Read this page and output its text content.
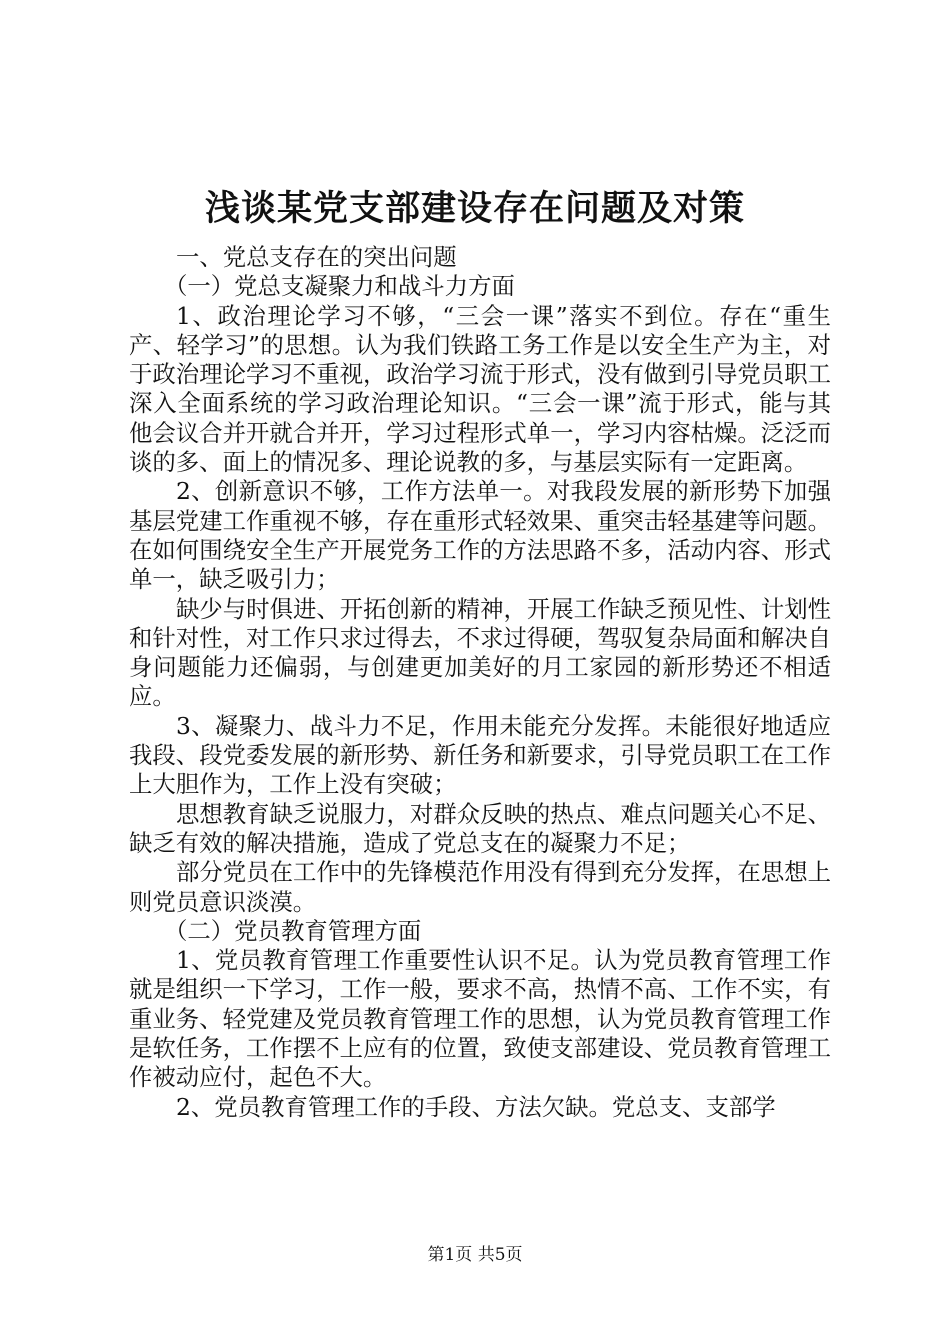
浅谈某党支部建设存在问题及对策

一、党总支存在的突出问题

（一）党总支凝聚力和战斗力方面

1、政治理论学习不够，“三会一课”落实不到位。存在“重生产、轻学习”的思想。认为我们铁路工务工作是以安全生产为主，对于政治理论学习不重视，政治学习流于形式，没有做到引导党员职工深入全面系统的学习政治理论知识。“三会一课”流于形式，能与其他会议合并开就合并开，学习过程形式单一，学习内容枯燥。泛泛而谈的多、面上的情况多、理论说教的多，与基层实际有一定距离。

2、创新意识不够，工作方法单一。对我段发展的新形势下加强基层党建工作重视不够，存在重形式轻效果、重突击轻基建等问题。在如何围绕安全生产开展党务工作的方法思路不多，活动内容、形式单一，缺乏吸引力；

缺少与时俱进、开拓创新的精神，开展工作缺乏预见性、计划性和针对性，对工作只求过得去，不求过得硬，驾驭复杂局面和解决自身问题能力还偏弱，与创建更加美好的月工家园的新形势还不相适应。

3、凝聚力、战斗力不足，作用未能充分发挥。未能很好地适应我段、段党委发展的新形势、新任务和新要求，引导党员职工在工作上大胆作为，工作上没有突破；

思想教育缺乏说服力，对群众反映的热点、难点问题关心不足、缺乏有效的解决措施，造成了党总支在的凝聚力不足；

部分党员在工作中的先锋模范作用没有得到充分发挥，在思想上则党员意识淡漠。

（二）党员教育管理方面

1、党员教育管理工作重要性认识不足。认为党员教育管理工作就是组织一下学习，工作一般，要求不高，热情不高、工作不实，有重业务、轻党建及党员教育管理工作的思想，认为党员教育管理工作是软任务，工作摆不上应有的位置，致使支部建设、党员教育管理工作被动应付，起色不大。

2、党员教育管理工作的手段、方法欠缺。党总支、支部学

第1页 共5页
